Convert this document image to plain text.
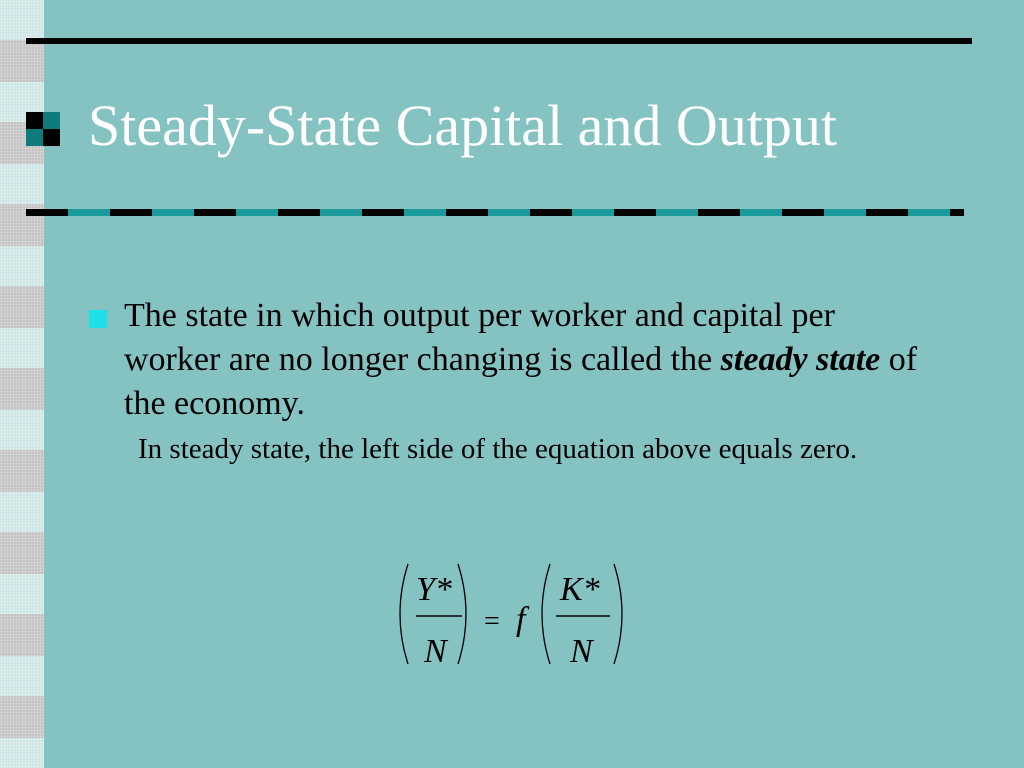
Steady-State Capital and Output

The state in which output per worker and capital per worker are no longer changing is called the steady state of the economy.

In steady state, the left side of the equation above equals zero.

Y*
N
= f
K*
N
